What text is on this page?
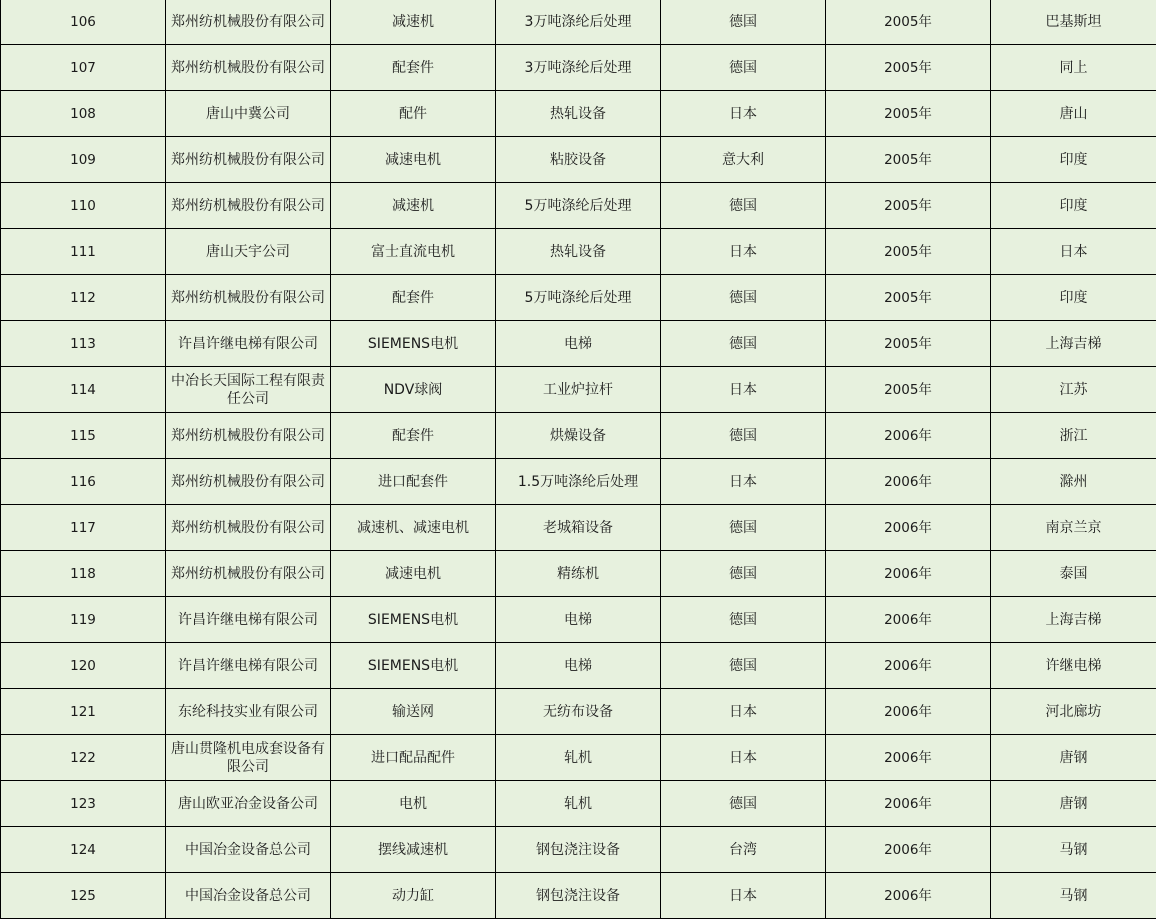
106	郑州纺机械股份有限公司	减速机	3万吨涤纶后处理	德国	2005年	巴基斯坦
107	郑州纺机械股份有限公司	配套件	3万吨涤纶后处理	德国	2005年	同上
108	唐山中冀公司	配件	热轧设备	日本	2005年	唐山
109	郑州纺机械股份有限公司	减速电机	粘胶设备	意大利	2005年	印度
110	郑州纺机械股份有限公司	减速机	5万吨涤纶后处理	德国	2005年	印度
111	唐山天宇公司	富士直流电机	热轧设备	日本	2005年	日本
112	郑州纺机械股份有限公司	配套件	5万吨涤纶后处理	德国	2005年	印度
113	许昌许继电梯有限公司	SIEMENS电机	电梯	德国	2005年	上海吉梯
114	中冶长天国际工程有限责任公司	NDV球阀	工业炉拉杆	日本	2005年	江苏
115	郑州纺机械股份有限公司	配套件	烘燥设备	德国	2006年	浙江
116	郑州纺机械股份有限公司	进口配套件	1.5万吨涤纶后处理	日本	2006年	滁州
117	郑州纺机械股份有限公司	减速机、减速电机	老城箱设备	德国	2006年	南京兰京
118	郑州纺机械股份有限公司	减速电机	精练机	德国	2006年	泰国
119	许昌许继电梯有限公司	SIEMENS电机	电梯	德国	2006年	上海吉梯
120	许昌许继电梯有限公司	SIEMENS电机	电梯	德国	2006年	许继电梯
121	东纶科技实业有限公司	输送网	无纺布设备	日本	2006年	河北廊坊
122	唐山贯隆机电成套设备有限公司	进口配品配件	轧机	日本	2006年	唐钢
123	唐山欧亚冶金设备公司	电机	轧机	德国	2006年	唐钢
124	中国冶金设备总公司	摆线减速机	钢包浇注设备	台湾	2006年	马钢
125	中国冶金设备总公司	动力缸	钢包浇注设备	日本	2006年	马钢
